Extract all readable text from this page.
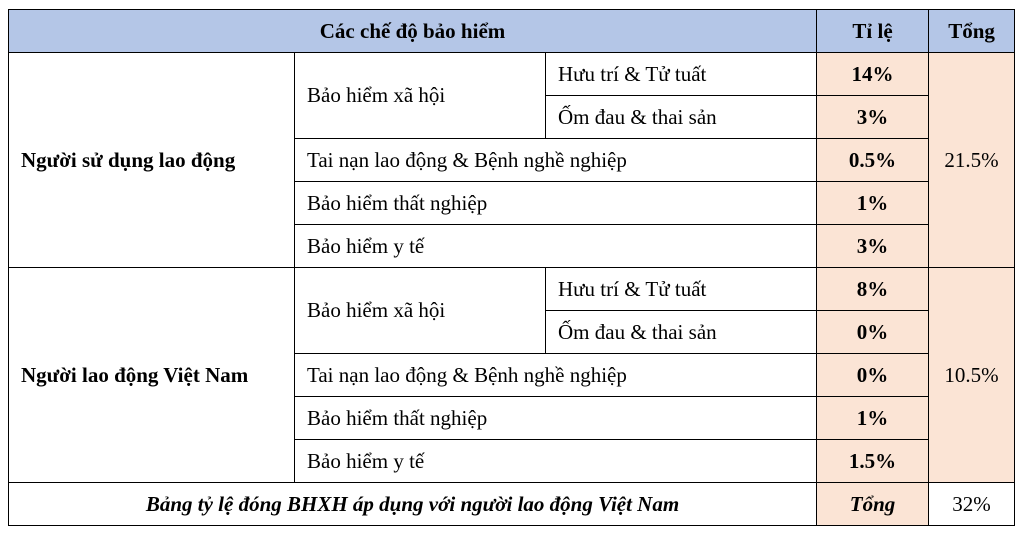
Các chế độ bảo hiểm			Tỉ lệ	Tổng
Người sử dụng lao động	Bảo hiểm xã hội	Hưu trí & Tử tuất	14%	21.5%
		Ốm đau & thai sản	3%	
	Tai nạn lao động & Bệnh nghề nghiệp		0.5%	
	Bảo hiểm thất nghiệp		1%	
	Bảo hiểm y tế		3%	
Người lao động Việt Nam	Bảo hiểm xã hội	Hưu trí & Tử tuất	8%	10.5%
		Ốm đau & thai sản	0%	
	Tai nạn lao động & Bệnh nghề nghiệp		0%	
	Bảo hiểm thất nghiệp		1%	
	Bảo hiểm y tế		1.5%	
Bảng tỷ lệ đóng BHXH áp dụng với người lao động Việt Nam			Tổng	32%
